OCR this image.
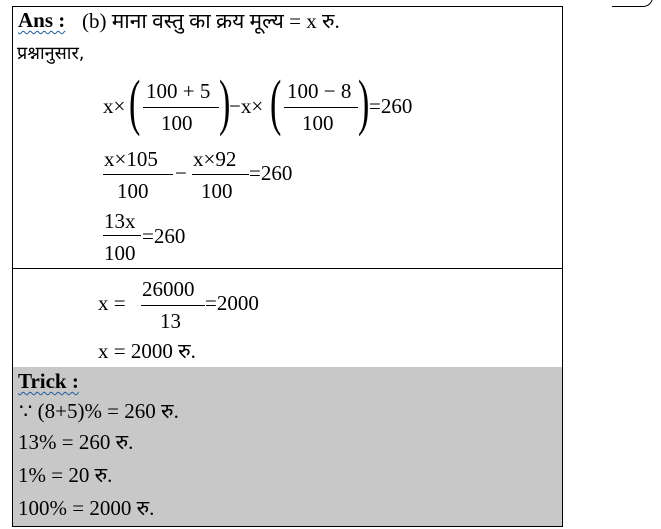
Ans : (b) माना वस्तु का क्रय मूल्य = x रु.
प्रश्नानुसार,
x× ( 100 + 5
100 )
−x× ( 100 − 8
100 ) =260
x×105
100
−
x×92
100
=260
13x
100
=260
x =
26000
13
=2000
x = 2000 रु.
Trick :
∵ (8+5)% = 260 रु.
13% = 260 रु.
1% = 20 रु.
100% = 2000 रु.
